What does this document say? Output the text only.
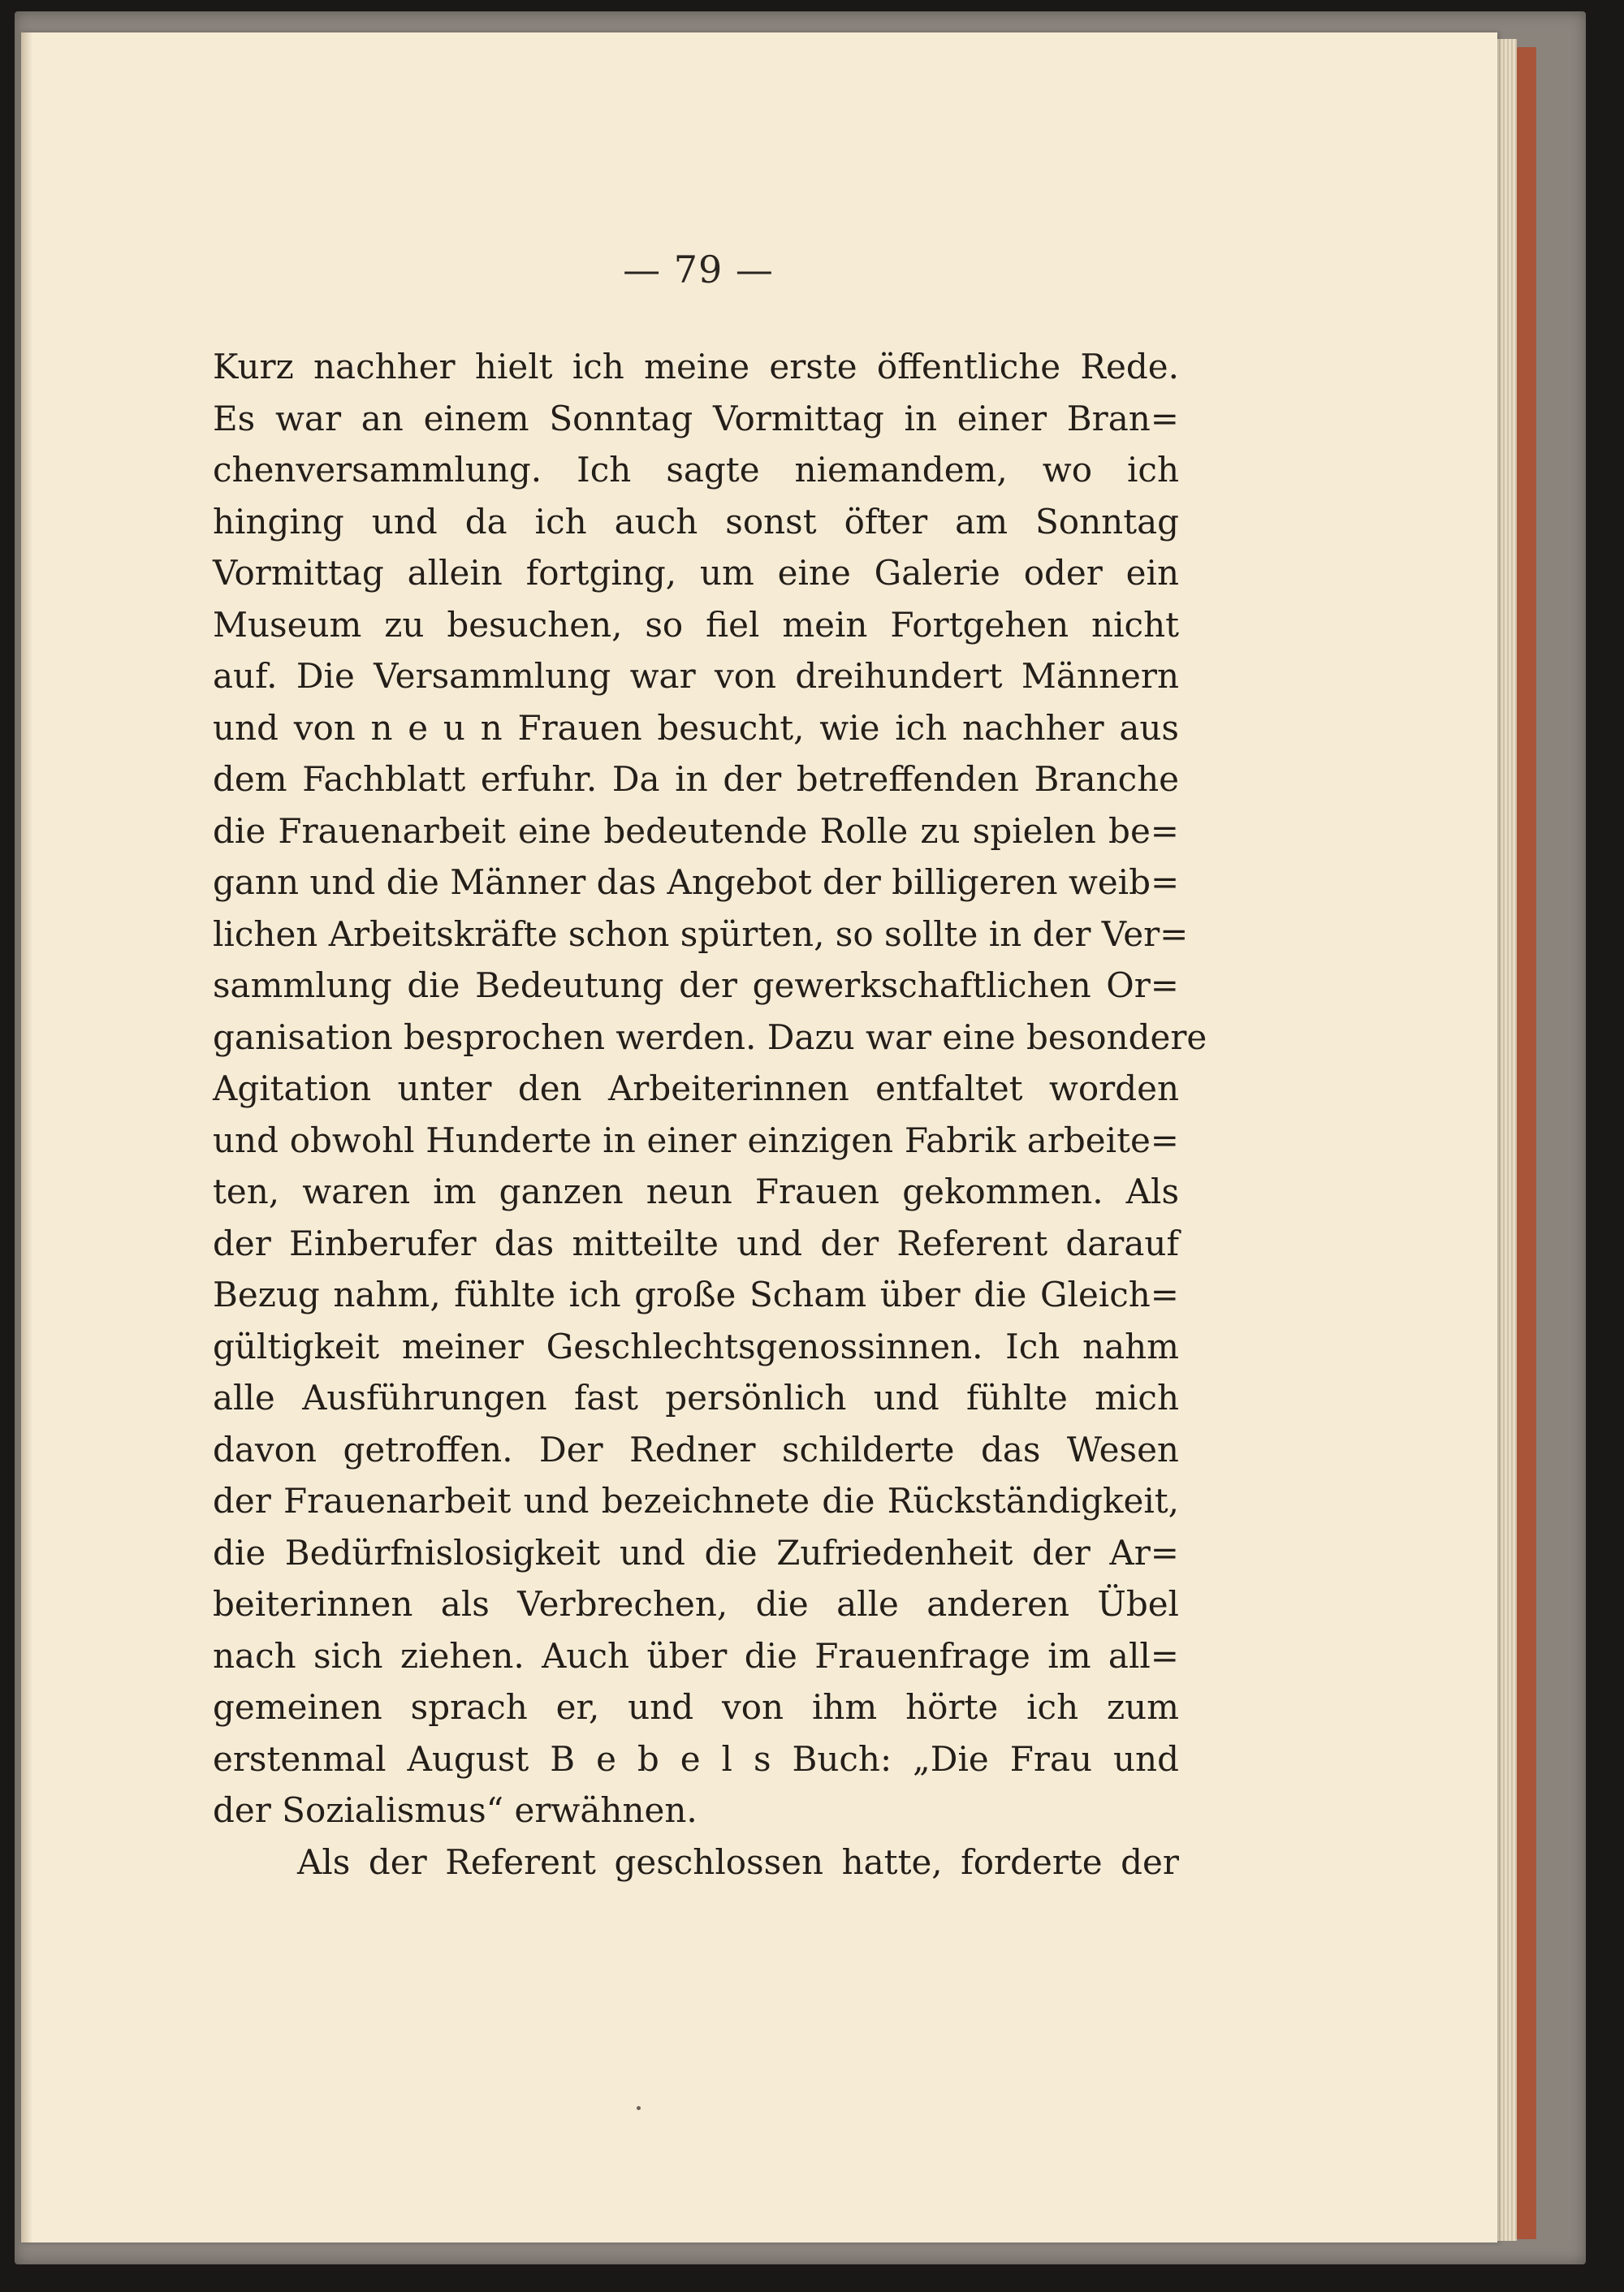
— 79 —
Kurz nachher hielt ich meine erste öffentliche Rede.
Es war an einem Sonntag Vormittag in einer Bran=
chenversammlung. Ich sagte niemandem, wo ich
hinging und da ich auch sonst öfter am Sonntag
Vormittag allein fortging, um eine Galerie oder ein
Museum zu besuchen, so fiel mein Fortgehen nicht
auf. Die Versammlung war von dreihundert Männern
und von n e u n Frauen besucht, wie ich nachher aus
dem Fachblatt erfuhr. Da in der betreffenden Branche
die Frauenarbeit eine bedeutende Rolle zu spielen be=
gann und die Männer das Angebot der billigeren weib=
lichen Arbeitskräfte schon spürten, so sollte in der Ver=
sammlung die Bedeutung der gewerkschaftlichen Or=
ganisation besprochen werden. Dazu war eine besondere
Agitation unter den Arbeiterinnen entfaltet worden
und obwohl Hunderte in einer einzigen Fabrik arbeite=
ten, waren im ganzen neun Frauen gekommen. Als
der Einberufer das mitteilte und der Referent darauf
Bezug nahm, fühlte ich große Scham über die Gleich=
gültigkeit meiner Geschlechtsgenossinnen. Ich nahm
alle Ausführungen fast persönlich und fühlte mich
davon getroffen. Der Redner schilderte das Wesen
der Frauenarbeit und bezeichnete die Rückständigkeit,
die Bedürfnislosigkeit und die Zufriedenheit der Ar=
beiterinnen als Verbrechen, die alle anderen Übel
nach sich ziehen. Auch über die Frauenfrage im all=
gemeinen sprach er, und von ihm hörte ich zum
erstenmal August B e b e l s Buch: „Die Frau und
der Sozialismus“ erwähnen.
Als der Referent geschlossen hatte, forderte der
